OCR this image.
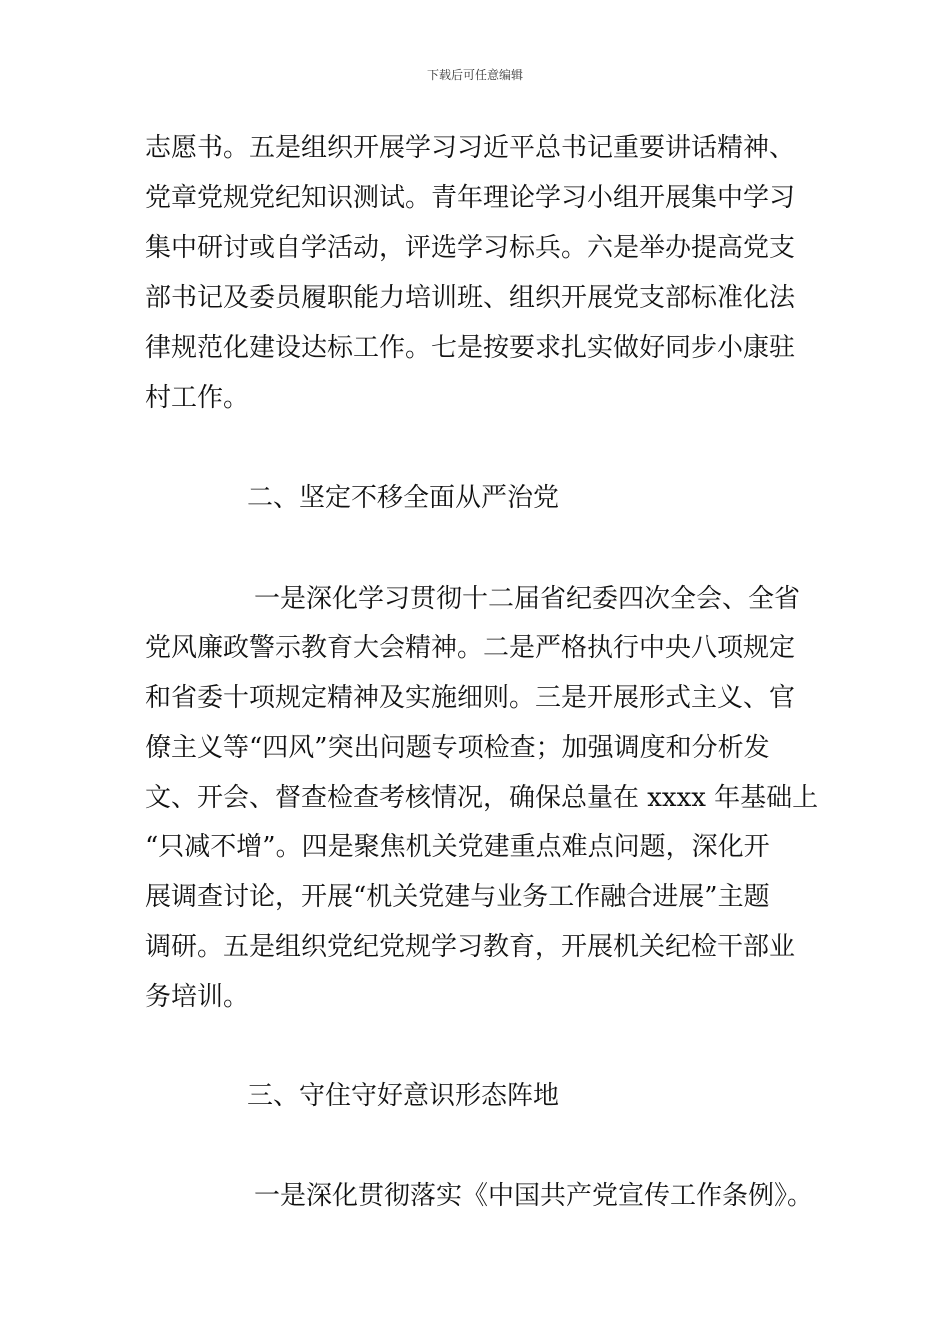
下载后可任意编辑
志愿书。五是组织开展学习习近平总书记重要讲话精神、
党章党规党纪知识测试。青年理论学习小组开展集中学习
集中研讨或自学活动，评选学习标兵。六是举办提高党支
部书记及委员履职能力培训班、组织开展党支部标准化法
律规范化建设达标工作。七是按要求扎实做好同步小康驻
村工作。
二、坚定不移全面从严治党
一是深化学习贯彻十二届省纪委四次全会、全省
党风廉政警示教育大会精神。二是严格执行中央八项规定
和省委十项规定精神及实施细则。三是开展形式主义、官
僚主义等“四风”突出问题专项检查；加强调度和分析发
文、开会、督查检查考核情况，确保总量在 xxxx 年基础上
“只减不增”。四是聚焦机关党建重点难点问题，深化开
展调查讨论，开展“机关党建与业务工作融合进展”主题
调研。五是组织党纪党规学习教育，开展机关纪检干部业
务培训。
三、守住守好意识形态阵地
一是深化贯彻落实《中国共产党宣传工作条例》。
